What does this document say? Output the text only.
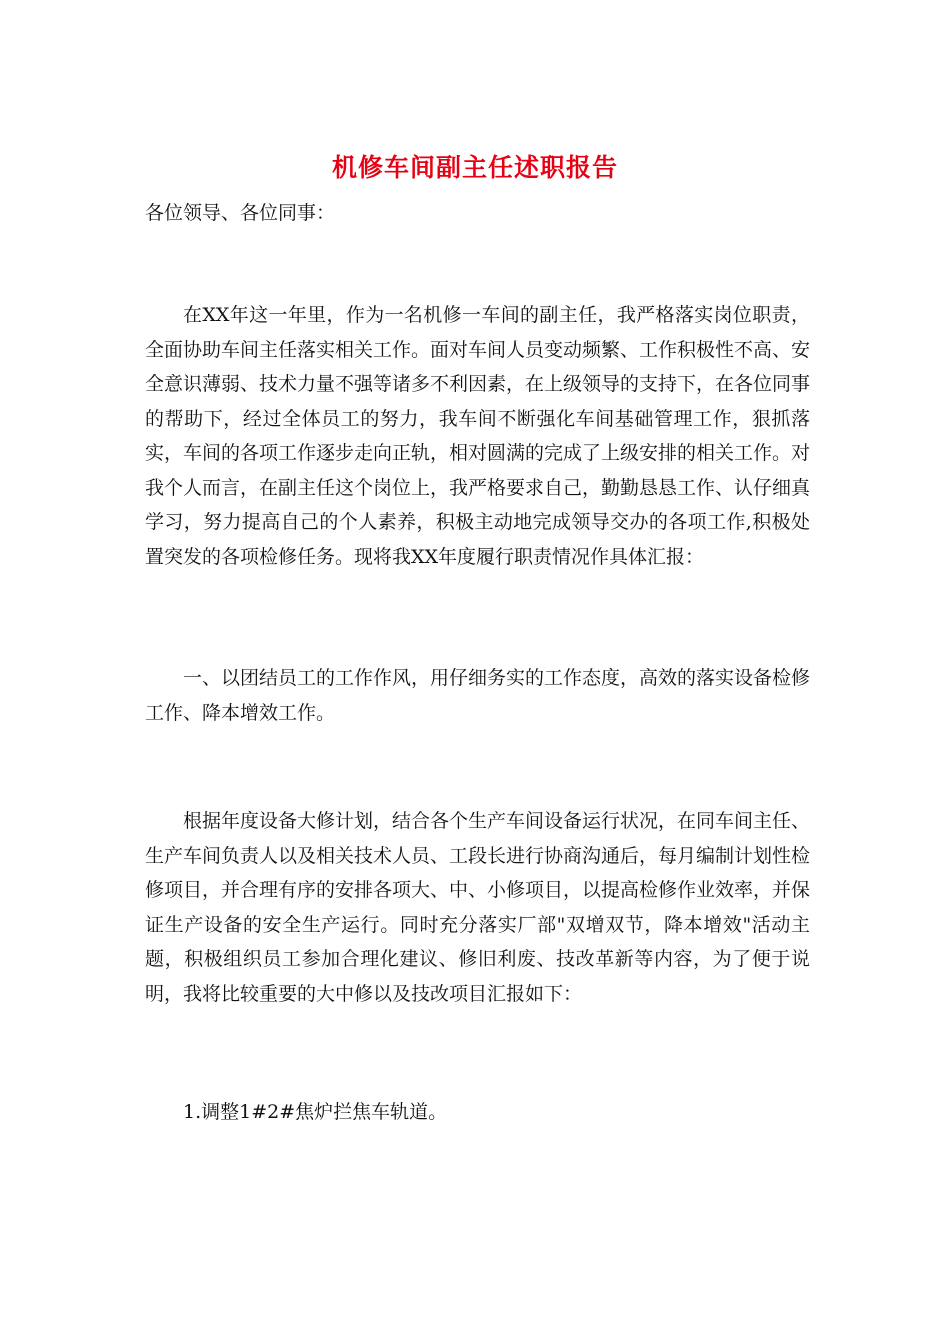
机修车间副主任述职报告
各位领导、各位同事：

在XX年这一年里，作为一名机修一车间的副主任，我严格落实岗位职责，全面协助车间主任落实相关工作。面对车间人员变动频繁、工作积极性不高、安全意识薄弱、技术力量不强等诸多不利因素，在上级领导的支持下，在各位同事的帮助下，经过全体员工的努力，我车间不断强化车间基础管理工作，狠抓落实，车间的各项工作逐步走向正轨，相对圆满的完成了上级安排的相关工作。对我个人而言，在副主任这个岗位上，我严格要求自己，勤勤恳恳工作、认仔细真学习，努力提高自己的个人素养，积极主动地完成领导交办的各项工作,积极处置突发的各项检修任务。现将我XX年度履行职责情况作具体汇报：

一、以团结员工的工作作风，用仔细务实的工作态度，高效的落实设备检修工作、降本增效工作。

根据年度设备大修计划，结合各个生产车间设备运行状况，在同车间主任、生产车间负责人以及相关技术人员、工段长进行协商沟通后，每月编制计划性检修项目，并合理有序的安排各项大、中、小修项目，以提高检修作业效率，并保证生产设备的安全生产运行。同时充分落实厂部"双增双节，降本增效"活动主题，积极组织员工参加合理化建议、修旧利废、技改革新等内容，为了便于说明，我将比较重要的大中修以及技改项目汇报如下：

1.调整1#2#焦炉拦焦车轨道。
